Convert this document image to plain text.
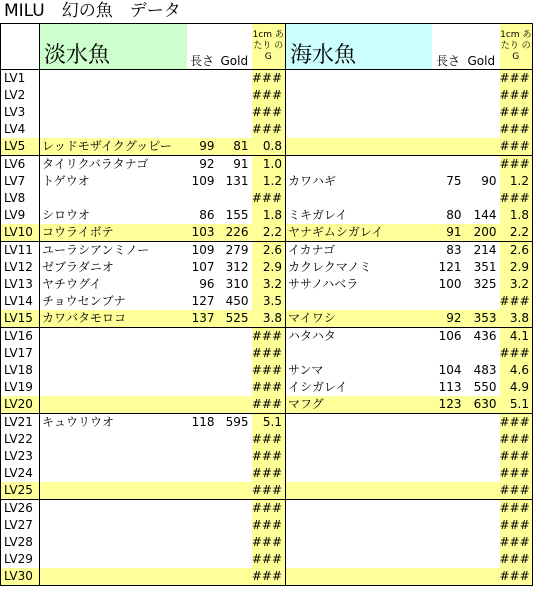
MILU　幻の魚　データ
	淡水魚	長さ	Gold	1cm あたり のG	海水魚	長さ	Gold	1cm あたり のG
LV1				###				###
LV2				###				###
LV3				###				###
LV4				###				###
LV5	レッドモザイクグッピー	99	81	0.8				###
LV6	タイリクバラタナゴ	92	91	1.0				###
LV7	トゲウオ	109	131	1.2	カワハギ	75	90	1.2
LV8				###				###
LV9	シロウオ	86	155	1.8	ミキガレイ	80	144	1.8
LV10	コウライボテ	103	226	2.2	ヤナギムシガレイ	91	200	2.2
LV11	ユーラシアンミノー	109	279	2.6	イカナゴ	83	214	2.6
LV12	ゼブラダニオ	107	312	2.9	カクレクマノミ	121	351	2.9
LV13	ヤチウグイ	96	310	3.2	ササノハベラ	100	325	3.2
LV14	チョウセンブナ	127	450	3.5				###
LV15	カワバタモロコ	137	525	3.8	マイワシ	92	353	3.8
LV16				###	ハタハタ	106	436	4.1
LV17				###				###
LV18				###	サンマ	104	483	4.6
LV19				###	イシガレイ	113	550	4.9
LV20				###	マフグ	123	630	5.1
LV21	キュウリウオ	118	595	5.1				###
LV22				###				###
LV23				###				###
LV24				###				###
LV25				###				###
LV26				###				###
LV27				###				###
LV28				###				###
LV29				###				###
LV30				###				###
